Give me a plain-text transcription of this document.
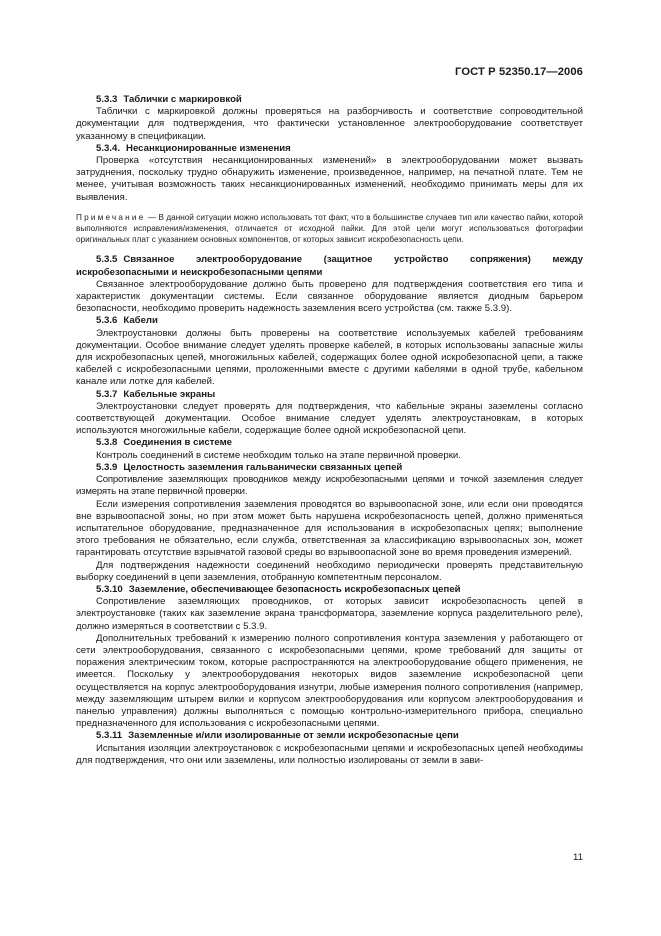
ГОСТ Р 52350.17—2006

5.3.3 Таблички с маркировкой

Таблички с маркировкой должны проверяться на разборчивость и соответствие сопроводительной документации для подтверждения, что фактически установленное электрооборудование соответствует указанному в спецификации.

5.3.4. Несанкционированные изменения

Проверка «отсутствия несанкционированных изменений» в электрооборудовании может вызвать затруднения, поскольку трудно обнаружить изменение, произведенное, например, на печатной плате. Тем не менее, учитывая возможность таких несанкционированных изменений, необходимо принимать меры для их выявления.

Примечание — В данной ситуации можно использовать тот факт, что в большинстве случаев тип или качество пайки, которой выполняются исправления/изменения, отличается от исходной пайки. Для этой цели могут использоваться фотографии оригинальных плат с указанием основных компонентов, от которых зависит искробезопасность цепи.

5.3.5 Связанное электрооборудование (защитное устройство сопряжения) между искробезопасными и неискробезопасными цепями

Связанное электрооборудование должно быть проверено для подтверждения соответствия его типа и характеристик документации системы. Если связанное оборудование является диодным барьером безопасности, необходимо проверить надежность заземления всего устройства (см. также 5.3.9).

5.3.6 Кабели

Электроустановки должны быть проверены на соответствие используемых кабелей требованиям документации. Особое внимание следует уделять проверке кабелей, в которых использованы запасные жилы для искробезопасных цепей, многожильных кабелей, содержащих более одной искробезопасной цепи, а также кабелей с искробезопасными цепями, проложенными вместе с другими кабелями в одной трубе, кабельном канале или лотке для кабелей.

5.3.7 Кабельные экраны

Электроустановки следует проверять для подтверждения, что кабельные экраны заземлены согласно соответствующей документации. Особое внимание следует уделять электроустановкам, в которых используются многожильные кабели, содержащие более одной искробезопасной цепи.

5.3.8 Соединения в системе

Контроль соединений в системе необходим только на этапе первичной проверки.

5.3.9 Целостность заземления гальванически связанных цепей

Сопротивление заземляющих проводников между искробезопасными цепями и точкой заземления следует измерять на этапе первичной проверки.

Если измерения сопротивления заземления проводятся во взрывоопасной зоне, или если они проводятся вне взрывоопасной зоны, но при этом может быть нарушена искробезопасность цепей, должно применяться испытательное оборудование, предназначенное для использования в искробезопасных цепях; выполнение этого требования не обязательно, если служба, ответственная за классификацию взрывоопасных зон, может гарантировать отсутствие взрывчатой газовой среды во взрывоопасной зоне во время проведения измерений.

Для подтверждения надежности соединений необходимо периодически проверять представительную выборку соединений в цепи заземления, отобранную компетентным персоналом.

5.3.10 Заземление, обеспечивающее безопасность искробезопасных цепей

Сопротивление заземляющих проводников, от которых зависит искробезопасность цепей в электроустановке (таких как заземление экрана трансформатора, заземление корпуса разделительного реле), должно измеряться в соответствии с 5.3.9.

Дополнительных требований к измерению полного сопротивления контура заземления у работающего от сети электрооборудования, связанного с искробезопасными цепями, кроме требований для защиты от поражения электрическим током, которые распространяются на электрооборудование общего применения, не имеется. Поскольку у электрооборудования некоторых видов заземление искробезопасной цепи осуществляется на корпус электрооборудования изнутри, любые измерения полного сопротивления (например, между заземляющим штырем вилки и корпусом электрооборудования или корпусом электрооборудования и панелью управления) должны выполняться с помощью контрольно-измерительного прибора, специально предназначенного для использования с искробезопасными цепями.

5.3.11 Заземленные и/или изолированные от земли искробезопасные цепи

Испытания изоляции электроустановок с искробезопасными цепями и искробезопасных цепей необходимы для подтверждения, что они или заземлены, или полностью изолированы от земли в зави-

11
